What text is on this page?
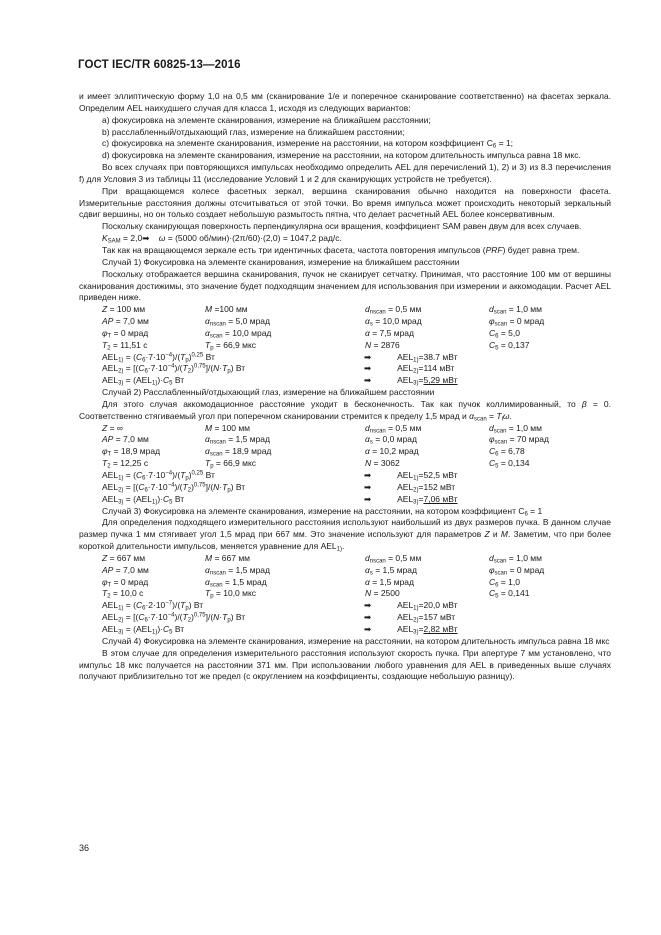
ГОСТ IEC/TR 60825-13—2016

и имеет эллиптическую форму 1,0 на 0,5 мм (сканирование 1/e и поперечное сканирование соответственно) на фасетах зеркала. Определим AEL наихудшего случая для класса 1, исходя из следующих вариантов:

а) фокусировка на элементе сканирования, измерение на ближайшем расстоянии;

b) расслабленный/отдыхающий глаз, измерение на ближайшем расстоянии;

с) фокусировка на элементе сканирования, измерение на расстоянии, на котором коэффициент $C_6 = 1$;

d) фокусировка на элементе сканирования, измерение на расстоянии, на котором длительность импульса равна 18 мкс.

Во всех случаях при повторяющихся импульсах необходимо определить AEL для перечислений 1), 2) и 3) из 8.3 перечисления f) для Условия 3 из таблицы 11 (исследование Условий 1 и 2 для сканирующих устройств не требуется).

При вращающемся колесе фасетных зеркал, вершина сканирования обычно находится на поверхности фасета. Измерительные расстояния должны отсчитываться от этой точки. Во время импульса может происходить некоторый зеркальный сдвиг вершины, но он только создает небольшую размытость пятна, что делает расчетный AEL более консервативным.

Поскольку сканирующая поверхность перпендикулярна оси вращения, коэффициент SAM равен двум для всех случаев.

$K_{SAM}$ = 2,0➡ ω = (5000 об/мин)·(2π/60)·(2,0) = 1047,2 рад/с.

Так как на вращающемся зеркале есть три идентичных фасета, частота повторения импульсов (PRF) будет равна трем.

Случай 1) Фокусировка на элементе сканирования, измерение на ближайшем расстоянии

Поскольку отображается вершина сканирования, пучок не сканирует сетчатку. Принимая, что расстояние 100 мм от вершины сканирования достижимы, это значение будет подходящим значением для использования при измерении и аккомодации. Расчет AEL приведен ниже.

Z = 100 мм	M =100 мм	$d_{nscan} = 0,5$ мм	$d_{scan} = 1,0$ мм
AP = 7,0 мм	$\alpha_{nscan} = 5,0$ мрад	$\alpha_s = 10,0$ мрад	$\varphi_{scan} = 0$ мрад
$\varphi_T = 0$ мрад	$\alpha_{scan} = 10,0$ мрад	α = 7,5 мрад	$C_6 = 5,0$
$T_2 = 11,51$ с	$T_p = 66,9$ мкс	N = 2876	$C_5 = 0,137$
$AEL_{1)} = (C_6\cdot 7\cdot 10^{-4})/(T_p)^{0,25}$ Вт	➡           $AEL_{1)}=38.7$ мВт
$AEL_{2)} = [(C_6\cdot 7\cdot 10^{-4})/(T_2)^{0,75}]/(N\cdot T_p)$ Вт	➡           $AEL_{2)}=114$ мВт
$AEL_{3)} = (AEL_{1)})\cdot C_5$ Вт	➡           $AEL_{3)}=5,29$ мВт

Случай 2) Расслабленный/отдыхающий глаз, измерение на ближайшем расстоянии

Для этого случая аккомодационное расстояние уходит в бесконечность. Так как пучок коллимированный, то β = 0. Соответственно стягиваемый угол при поперечном сканировании стремится к пределу 1,5 мрад и $\alpha_{scan} = T_i\omega$.

Z = ∞	M = 100 мм	$d_{nscan} = 0,5$ мм	$d_{scan} = 1,0$ мм
AP = 7,0 мм	$\alpha_{nscan} = 1,5$ мрад	$\alpha_s = 0,0$ мрад	$\varphi_{scan} = 70$ мрад
$\varphi_T = 18,9$ мрад	$\alpha_{scan} = 18,9$ мрад	α = 10,2 мрад	$C_6 = 6,78$
$T_2 = 12,25$ с	$T_p = 66,9$ мкс	N = 3062	$C_5 = 0,134$
$AEL_{1)} = (C_6\cdot 7\cdot 10^{-4})/(T_p)^{0,25}$ Вт	➡           $AEL_{1)}=52,5$ мВт
$AEL_{2)} = [(C_6\cdot 7\cdot 10^{-4})/(T_2)^{0,75}]/(N\cdot T_p)$ Вт	➡           $AEL_{2)}=152$ мВт
$AEL_{3)} = (AEL_{1)})\cdot C_5$ Вт	➡           $AEL_{3)}=7,06$ мВт

Случай 3) Фокусировка на элементе сканирования, измерение на расстоянии, на котором коэффициент $C_6 = 1$

Для определения подходящего измерительного расстояния используют наибольший из двух размеров пучка. В данном случае размер пучка 1 мм стягивает угол 1,5 мрад при 667 мм. Это значение используют для параметров Z и M. Заметим, что при более короткой длительности импульсов, меняется уравнение для $AEL_{1)}$.

Z = 667 мм	M = 667 мм	$d_{nscan} = 0,5$ мм	$d_{scan} = 1,0$ мм
AP = 7,0 мм	$\alpha_{nscan} = 1,5$ мрад	$\alpha_s = 1,5$ мрад	$\varphi_{scan} = 0$ мрад
$\varphi_T = 0$ мрад	$\alpha_{scan} = 1,5$ мрад	α = 1,5 мрад	$C_6 = 1,0$
$T_2 = 10,0$ с	$T_p = 10,0$ мкс	N = 2500	$C_5 = 0,141$
$AEL_{1)} = (C_6\cdot 2\cdot 10^{-7})/(T_p)$ Вт	➡           $AEL_{1)}=20,0$ мВт
$AEL_{2)} = [(C_6\cdot 7\cdot 10^{-4})/(T_2)^{0,75}]/(N\cdot T_p)$ Вт	➡           $AEL_{2)}=157$ мВт
$AEL_{3)} = (AEL_{1)})\cdot C_5$ Вт	➡           $AEL_{3)}=2,82$ мВт

Случай 4) Фокусировка на элементе сканирования, измерение на расстоянии, на котором длительность импульса равна 18 мкс

В этом случае для определения измерительного расстояния используют скорость пучка. При апертуре 7 мм установлено, что импульс 18 мкс получается на расстоянии 371 мм. При использовании любого уравнения для AEL в приведенных выше случаях получают приблизительно тот же предел (с округлением на коэффициенты, создающие небольшую разницу).

36
